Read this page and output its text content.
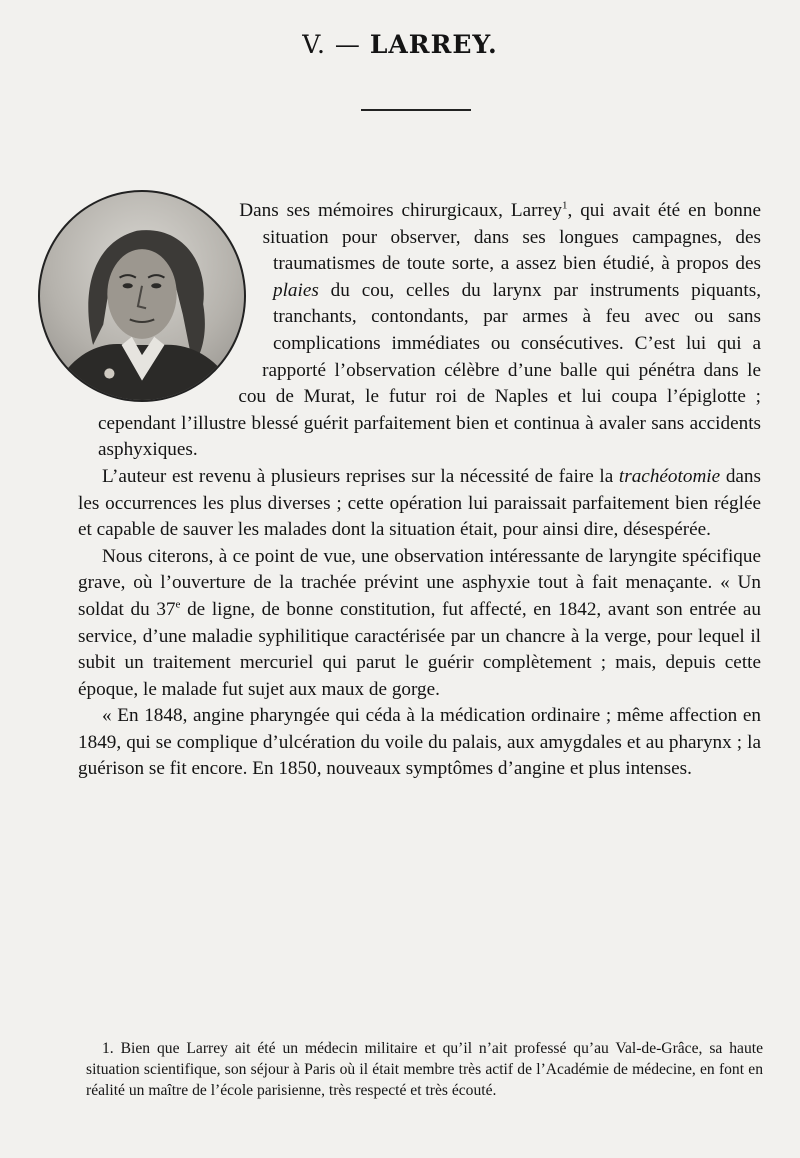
V. — LARREY.

Dans ses mémoires chirurgicaux, Larrey$^1$, qui avait été en bonne situation pour observer, dans ses longues campagnes, des traumatismes de toute sorte, a assez bien étudié, à propos des plaies du cou, celles du larynx par instruments piquants, tranchants, contondants, par armes à feu avec ou sans complications immédiates ou consécutives. C’est lui qui a rapporté l’observation célèbre d’une balle qui pénétra dans le cou de Murat, le futur roi de Naples et lui coupa l’épiglotte ; cependant l’illustre blessé guérit parfaitement bien et continua à avaler sans accidents asphyxiques.

L’auteur est revenu à plusieurs reprises sur la nécessité de faire la trachéotomie dans les occurrences les plus diverses ; cette opération lui paraissait parfaitement bien réglée et capable de sauver les malades dont la situation était, pour ainsi dire, désespérée.

Nous citerons, à ce point de vue, une observation intéressante de laryngite spécifique grave, où l’ouverture de la trachée prévint une asphyxie tout à fait menaçante. « Un soldat du 37e de ligne, de bonne constitution, fut affecté, en 1842, avant son entrée au service, d’une maladie syphilitique caractérisée par un chancre à la verge, pour lequel il subit un traitement mercuriel qui parut le guérir complètement ; mais, depuis cette époque, le malade fut sujet aux maux de gorge.

« En 1848, angine pharyngée qui céda à la médication ordinaire ; même affection en 1849, qui se complique d’ulcération du voile du palais, aux amygdales et au pharynx ; la guérison se fit encore. En 1850, nouveaux symptômes d’angine et plus intenses.

1. Bien que Larrey ait été un médecin militaire et qu’il n’ait professé qu’au Val-de-Grâce, sa haute situation scientifique, son séjour à Paris où il était membre très actif de l’Académie de médecine, en font en réalité un maître de l’école parisienne, très respecté et très écouté.
